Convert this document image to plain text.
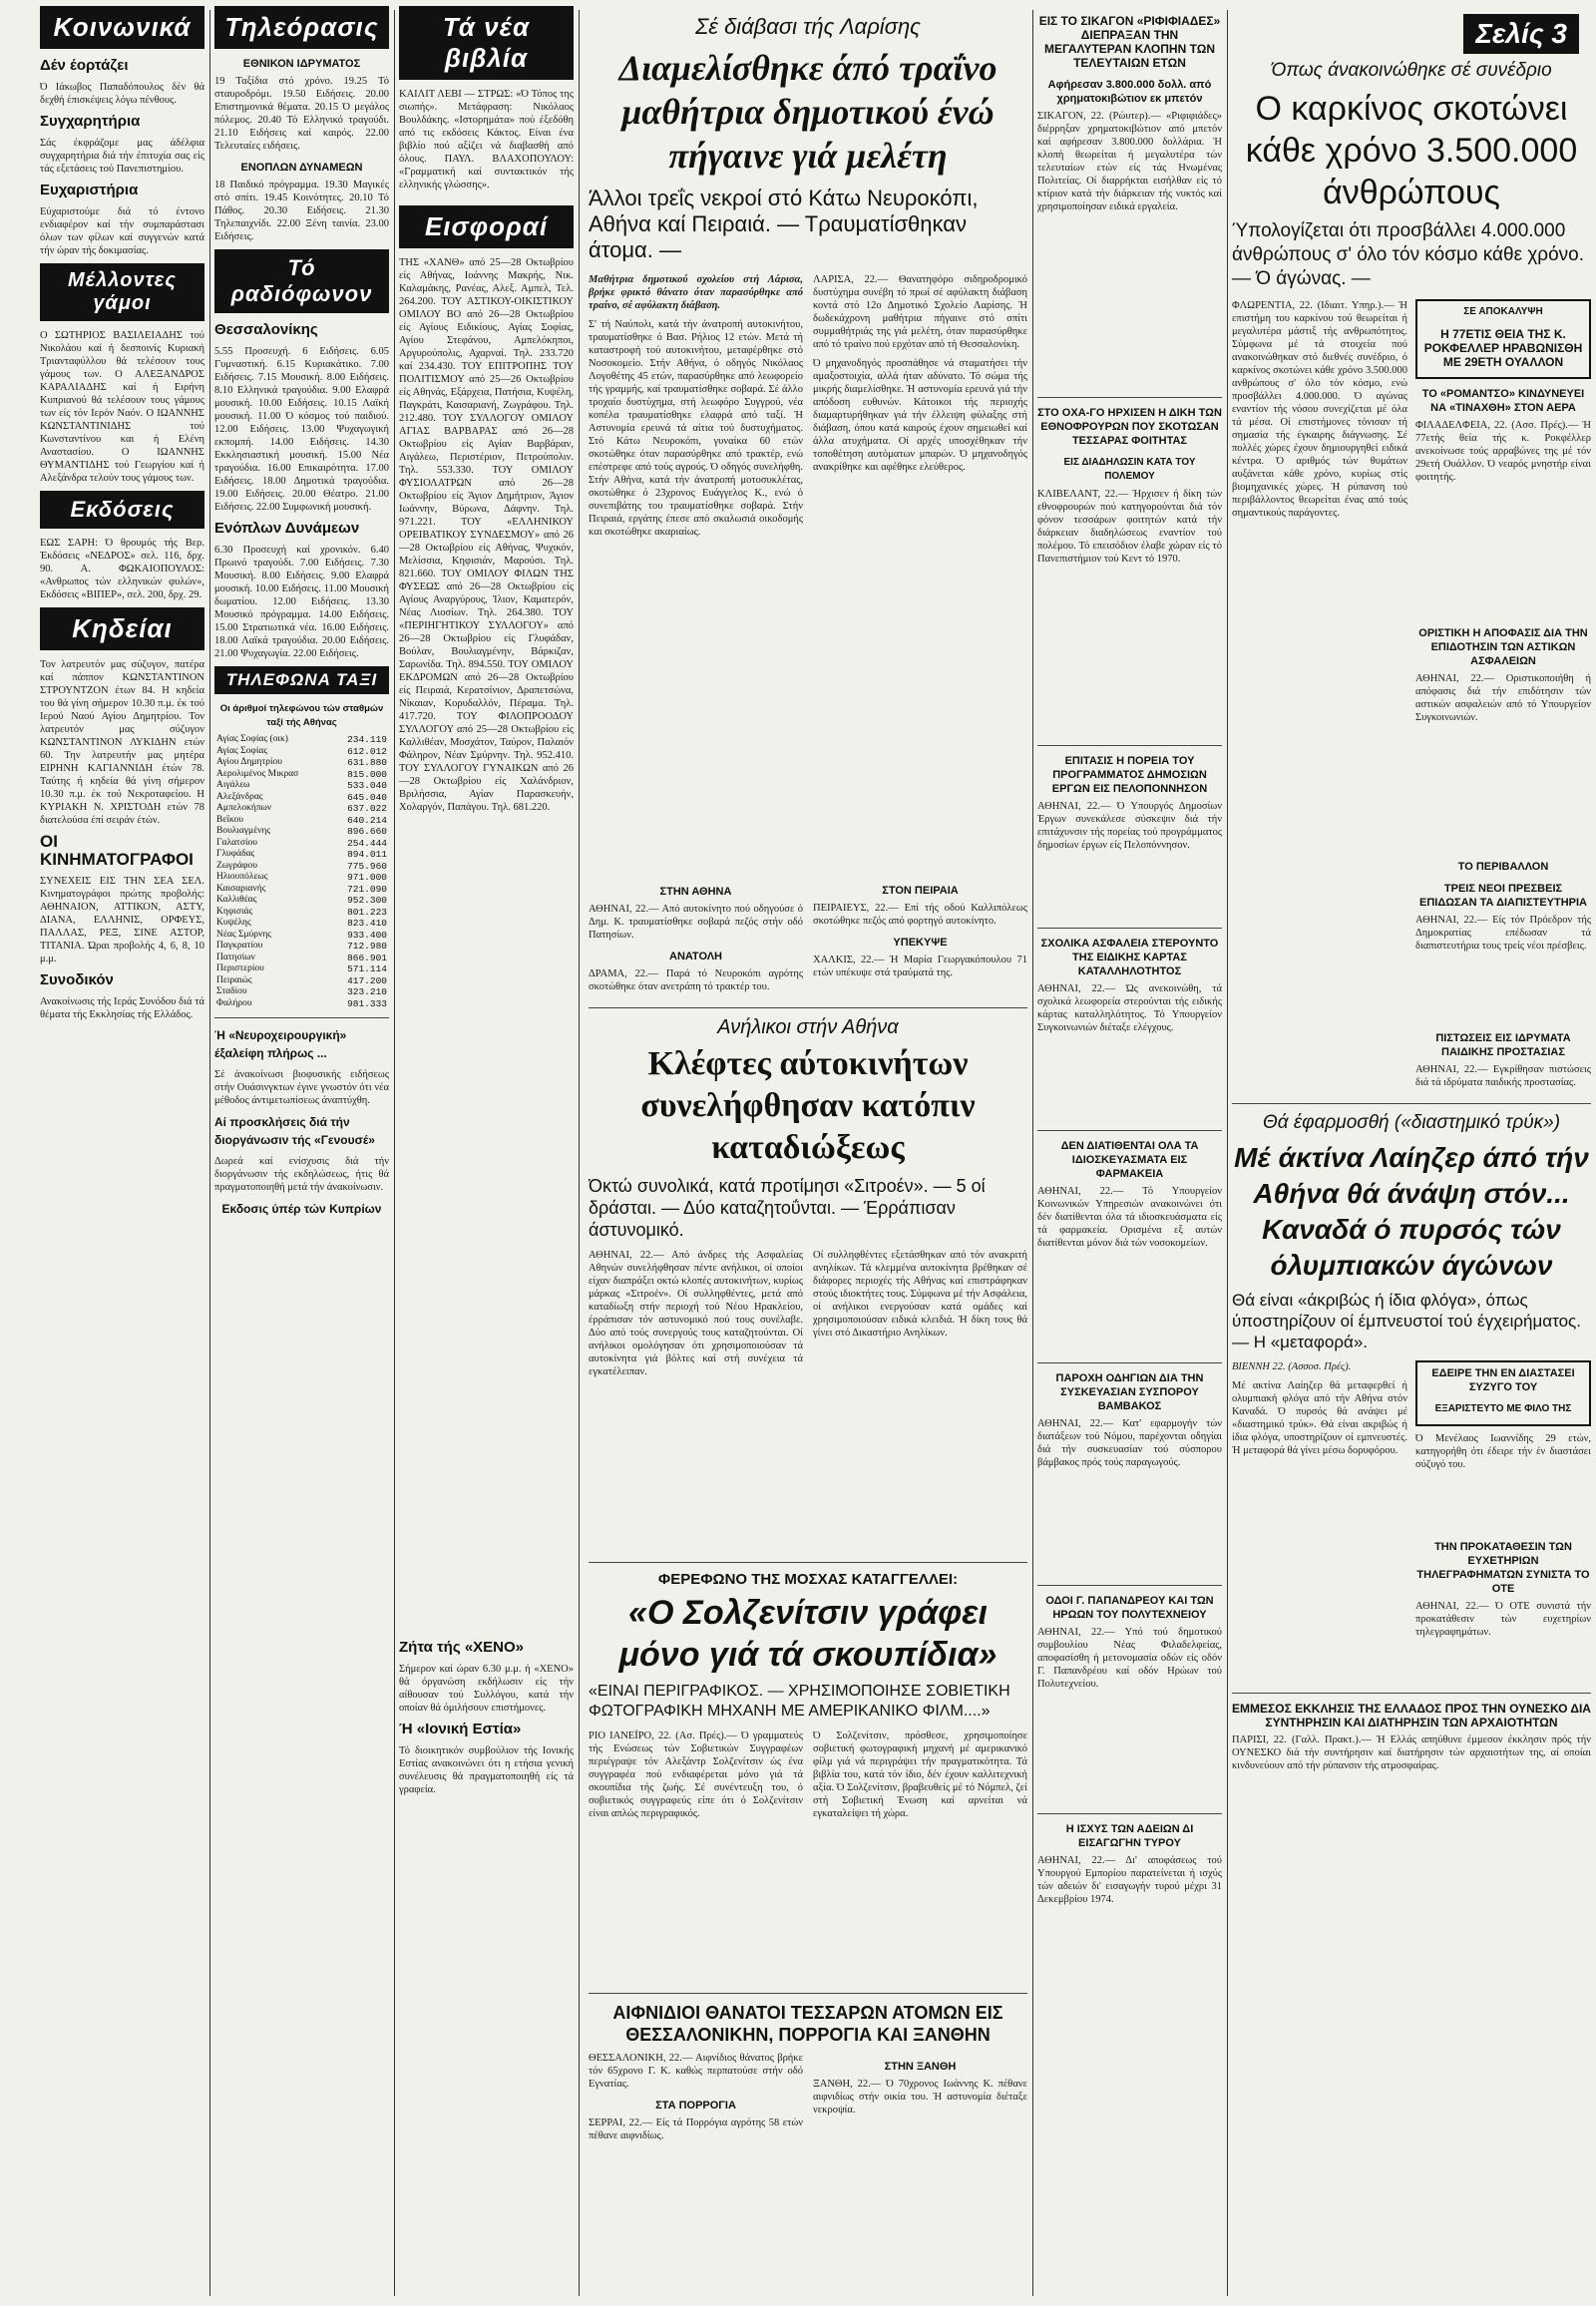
Κοινωνικά
Δέν έορτάζει

Ό Ιάκωβος Παπαδόπουλος δέν θά δεχθή έπισκέψεις λόγω πένθους.

Συγχαρητήρια

Σάς έκφράζομε μας άδέλφια συγχαρητήρια διά τήν έπιτυχία σας είς τάς εξετάσεις τού Πανεπιστημίου.

Ευχαριστήρια

Εύχαριστούμε διά τό έντονο ενδιαφέρον καί τήν συμπαράστασι όλων των φίλων καί συγγενών κατά τήν ώραν τής δοκιμασίας.

Μέλλοντες γάμοι

Ο ΣΩΤΗΡΙΟΣ ΒΑΣΙΛΕΙΑΔΗΣ τού Νικολάου καί ή δεσποινίς Κυριακή Τριανταφύλλου θά τελέσουν τους γάμους των. Ο ΑΛΕΞΑΝΔΡΟΣ ΚΑΡΑΛΙΑΔΗΣ καί ή Ειρήνη Κυπριανού θά τελέσουν τους γάμους των είς τόν Ιερόν Ναόν. Ο ΙΩΑΝΝΗΣ ΚΩΝΣΤΑΝΤΙΝΙΔΗΣ τού Κωνσταντίνου και ή Ελένη Αναστασίου. Ο ΙΩΑΝΝΗΣ ΘΥΜΑΝΤΙΔΗΣ τού Γεωργίου καί ή Αλεξάνδρα τελούν τους γάμους των.

Εκδόσεις

ΕΩΣ ΣΑΡΗ: Ό θρουμός τής Βερ. Έκδόσεις «ΝΕΔΡΟΣ» σελ. 116, δρχ. 90. Α. ΦΩΚΑΙΟΠΟΥΛΟΣ: «Ανθρωπος τών ελληνικών φυλών», Εκδόσεις «ΒΙΠΕΡ», σελ. 200, δρχ. 29.

Κηδείαι

Τον λατρευτόν μας σύζυγον, πατέρα καί πάππον ΚΩΝΣΤΑΝΤΙΝΟΝ ΣΤΡΟΥΝΤΖΟΝ έτων 84. Η κηδεία του θά γίνη σήμερον 10.30 π.μ. έκ τού Ιερού Ναού Αγίου Δημητρίου. Τον λατρευτόν μας σύζυγον ΚΩΝΣΤΑΝΤΙΝΟΝ ΛΥΚΙΔΗΝ ετών 60. Την λατρευτήν μας μητέρα ΕΙΡΗΝΗ ΚΑΓΙΑΝΝΙΔΗ έτών 78. Ταύτης ή κηδεία θά γίνη σήμερον 10.30 π.μ. έκ τού Νεκροταφείου. Η ΚΥΡΙΑΚΗ Ν. ΧΡΙΣΤΟΔΗ ετών 78 διατελούσα έπί σειράν έτών.

ΟΙ ΚΙΝΗΜΑΤΟΓΡΑΦΟΙ

ΣΥΝΕΧΕΙΣ ΕΙΣ ΤΗΝ ΣΕΑ ΣΕΛ. Κινηματογράφοι πρώτης προβολής: ΑΘΗΝΑΙΟΝ, ΑΤΤΙΚΟΝ, ΑΣΤΥ, ΔΙΑΝΑ, ΕΛΛΗΝΙΣ, ΟΡΦΕΥΣ, ΠΑΛΛΑΣ, ΡΕΞ, ΣΙΝΕ ΑΣΤΟΡ, ΤΙΤΑΝΙΑ. Ώραι προβολής 4, 6, 8, 10 μ.μ.

Συνοδικόν

Ανακοίνωσις τής Ιεράς Συνόδου διά τά θέματα τής Εκκλησίας τής Ελλάδος.

Τηλεόρασις
ΕΘΝΙΚΟΝ ΙΔΡΥΜΑΤΟΣ

19 Ταξίδια στό χρόνο. 19.25 Τό σταυροδρόμι. 19.50 Ειδήσεις. 20.00 Επιστημονικά θέματα. 20.15 Ό μεγάλος πόλεμος. 20.40 Τό Ελληνικό τραγούδι. 21.10 Ειδήσεις καί καιρός. 22.00 Τελευταίες ειδήσεις.

ΕΝΟΠΛΩΝ ΔΥΝΑΜΕΩΝ

18 Παιδικό πρόγραμμα. 19.30 Μαγικές στό σπίτι. 19.45 Κοινότητες. 20.10 Τό Πάθος. 20.30 Ειδήσεις. 21.30 Τηλεπαιχνίδι. 22.00 Ξένη ταινία. 23.00 Ειδήσεις.

Τό ραδιόφωνον
Θεσσαλονίκης

5.55 Προσευχή. 6 Ειδήσεις. 6.05 Γυμναστική. 6.15 Κυριακάτικο. 7.00 Ειδήσεις. 7.15 Μουσική. 8.00 Ειδήσεις. 8.10 Ελληνικά τραγούδια. 9.00 Ελαφρά μουσική. 10.00 Ειδήσεις. 10.15 Λαϊκή μουσική. 11.00 Ό κόσμος τού παιδιού. 12.00 Ειδήσεις. 13.00 Ψυχαγωγική εκπομπή. 14.00 Ειδήσεις. 14.30 Εκκλησιαστική μουσική. 15.00 Νέα τραγούδια. 16.00 Επικαιρότητα. 17.00 Ειδήσεις. 18.00 Δημοτικά τραγούδια. 19.00 Ειδήσεις. 20.00 Θέατρο. 21.00 Ειδήσεις. 22.00 Συμφωνική μουσική.

Ενόπλων Δυνάμεων

6.30 Προσευχή καί χρονικόν. 6.40 Πρωινό τραγούδι. 7.00 Ειδήσεις. 7.30 Μουσική. 8.00 Ειδήσεις. 9.00 Ελαφρά μουσική. 10.00 Ειδήσεις. 11.00 Μουσική δωματίου. 12.00 Ειδήσεις. 13.30 Μουσικό πρόγραμμα. 14.00 Ειδήσεις. 15.00 Στρατιωτικά νέα. 16.00 Ειδήσεις. 18.00 Λαϊκά τραγούδια. 20.00 Ειδήσεις. 21.00 Ψυχαγωγία. 22.00 Ειδήσεις.

ΤΗΛΕΦΩΝΑ ΤΑΞΙ
Οι άριθμοί τηλεφώνου τών σταθμών ταξί τής Αθήνας
Αγίας Σοφίας (οικ)	234.119
Αγίας Σοφίας	612.012
Αγίου Δημητρίου	631.880
Αερολιμένος Μικρασ	815.000
Αιγάλεω	533.040
Αλεξάνδρας	645.040
Αμπελοκήπων	637.022
Βεΐκου	640.214
Βουλιαγμένης	896.660
Γαλατσίου	254.444
Γλυφάδας	894.011
Ζωγράφου	775.960
Ηλιουπόλεως	971.000
Καισαριανής	721.090
Καλλιθέας	952.300
Κηφισιάς	801.223
Κυψέλης	823.410
Νέας Σμύρνης	933.400
Παγκρατίου	712.980
Πατησίων	866.901
Περιστερίου	571.114
Πειραιώς	417.200
Σταδίου	323.210
Φαλήρου	981.333
Ή «Νευροχειρουργική» έξαλείφη πλήρως ...

Σέ άνακοίνωσι βιοφυσικής ειδήσεως στήν Ουάσινγκτων έγινε γνωστόν ότι νέα μέθοδος άντιμετωπίσεως άναπτύχθη.

Αί προσκλήσεις διά τήν διοργάνωσιν τής «Γενουσέ»

Δωρεά καί ενίσχυσις διά τήν διοργάνωσιν τής εκδηλώσεως, ήτις θά πραγματοποιηθή μετά τήν άνακοίνωσιν.

Εκδοσις ύπέρ τών Κυπρίων
Τά νέα βιβλία

ΚΑΙΛΙΤ ΛΕΒΙ — ΣΤΡΩΣ: «Ό Τόπος της σιωπής». Μετάφραση: Νικόλαος Βουλδάκης. «Ιστορημάτα» πού έξεδόθη από τις εκδόσεις Κάκτος. Είναι ένα βιβλίο πού αξίζει νά διαβασθή από όλους. ΠΑΥΛ. ΒΛΑΧΟΠΟΥΛΟΥ: «Γραμματική καί συντακτικόν τής ελληνικής γλώσσης».

Εισφοραί

ΤΗΣ «ΧΑΝΘ» από 25—28 Οκτωβρίου είς Αθήνας, Ιοάννης Μακρής, Νικ. Καλαμάκης, Ρανέας, Αλεξ. Αμπελ, Τελ. 264.200. ΤΟΥ ΑΣΤΙΚΟΥ-ΟΙΚΙΣΤΙΚΟΥ ΟΜΙΛΟΥ ΒΟ από 26—28 Οκτωβρίου είς Αγίους Ειδικίους, Αγίας Σοφίας, Αγίου Στεφάνου, Αμπελόκηποι, Αργυρούπολις, Αχαρναί. Τηλ. 233.720 καί 234.430. ΤΟΥ ΕΠΙΤΡΟΠΗΣ ΤΟΥ ΠΟΛΙΤΙΣΜΟΥ από 25—26 Οκτωβρίου είς Αθηνάς, Εξάρχεια, Πατήσια, Κυψέλη, Παγκράτι, Καισαριανή, Ζωγράφου. Τηλ. 212.480. ΤΟΥ ΣΥΛΛΟΓΟΥ ΟΜΙΛΟΥ ΑΓΙΑΣ ΒΑΡΒΑΡΑΣ από 26—28 Οκτωβρίου είς Αγίαν Βαρβάραν, Αιγάλεω, Περιστέριον, Πετρούπολιν. Τηλ. 553.330. ΤΟΥ ΟΜΙΛΟΥ ΦΥΣΙΟΛΑΤΡΩΝ από 26—28 Οκτωβρίου είς Άγιον Δημήτριον, Άγιον Ιωάννην, Βύρωνα, Δάφνην. Τηλ. 971.221. ΤΟΥ «ΕΛΛΗΝΙΚΟΥ ΟΡΕΙΒΑΤΙΚΟΥ ΣΥΝΔΕΣΜΟΥ» από 26—28 Οκτωβρίου είς Αθήνας, Ψυχικόν, Μελίσσια, Κηφισιάν, Μαρούσι. Τηλ. 821.660. ΤΟΥ ΟΜΙΛΟΥ ΦΙΛΩΝ ΤΗΣ ΦΥΣΕΩΣ από 26—28 Οκτωβρίου είς Αγίους Αναργύρους, Ίλιον, Καματερόν, Νέας Λιοσίων. Τηλ. 264.380. ΤΟΥ «ΠΕΡΙΗΓΗΤΙΚΟΥ ΣΥΛΛΟΓΟΥ» από 26—28 Οκτωβρίου είς Γλυφάδαν, Βούλαν, Βουλιαγμένην, Βάρκιζαν, Σαρωνίδα. Τηλ. 894.550. ΤΟΥ ΟΜΙΛΟΥ ΕΚΔΡΟΜΩΝ από 26—28 Οκτωβρίου είς Πειραιά, Κερατσίνιον, Δραπετσώνα, Νίκαιαν, Κορυδαλλόν, Πέραμα. Τηλ. 417.720. ΤΟΥ ΦΙΛΟΠΡΟΟΔΟΥ ΣΥΛΛΟΓΟΥ από 25—28 Οκτωβρίου είς Καλλιθέαν, Μοσχάτον, Ταύρον, Παλαιόν Φάληρον, Νέαν Σμύρνην. Τηλ. 952.410. ΤΟΥ ΣΥΛΛΟΓΟΥ ΓΥΝΑΙΚΩΝ από 26—28 Οκτωβρίου είς Χαλάνδριον, Βριλήσσια, Αγίαν Παρασκευήν, Χολαργόν, Παπάγου. Τηλ. 681.220.

Ζήτα τής «ΧΕΝΟ»

Σήμερον καί ώραν 6.30 μ.μ. ή «ΧΕΝΟ» θά όργανώση εκδήλωσιν είς τήν αίθουσαν τού Συλλόγου, κατά τήν οποίαν θά όμιλήσουν επιστήμονες.

Ή «Ιονική Εστία»

Τό διοικητικόν συμβούλιον τής Ιονικής Εστίας ανακοινώνει ότι η ετήσια γενική συνέλευσις θά πραγματοποιηθή είς τά γραφεία.

Σέ διάβασι τής Λαρίσης
Διαμελίσθηκε άπό τραΐνο μαθήτρια δημοτικού ένώ πήγαινε γιά μελέτη
Άλλοι τρεΐς νεκροί στό Κάτω Νευροκόπι, Αθήνα καί Πειραιά. — Τραυματίσθηκαν άτομα. —

Μαθήτρια δημοτικού σχολείου στή Λάρισα, βρήκε φρικτό θάνατο όταν παρασύρθηκε από τραίνο, σέ αφύλακτη διάβαση.

Σ' τή Ναύπολι, κατά τήν άνατροπή αυτοκινήτου, τραυματίσθηκε ό Βασ. Ρήλιος 12 ετών. Μετά τή καταστροφή τού αυτοκινήτου, μεταφέρθηκε στό Νοσοκομείο. Στήν Αθήνα, ό οδηγός Νικόλαος Λογοθέτης 45 ετών, παρασύρθηκε από λεωφορείο τής γραμμής, καί τραυματίσθηκε σοβαρά. Σέ άλλο τροχαίο δυστύχημα, στή λεωφόρο Συγγρού, νέα κοπέλα τραυματίσθηκε ελαφρά από ταξί. Ή Αστυνομία ερευνά τά αίτια τού δυστυχήματος. Στό Κάτω Νευροκόπι, γυναίκα 60 ετών σκοτώθηκε όταν παρασύρθηκε από τρακτέρ, ενώ επέστρεφε από τούς αγρούς. Ό οδηγός συνελήφθη. Στήν Αθήνα, κατά τήν άνατροπή μοτοσυκλέτας, σκοτώθηκε ό 23χρονος Ευάγγελος Κ., ενώ ό συνεπιβάτης του τραυματίσθηκε σοβαρά. Στήν Πειραιά, εργάτης έπεσε από σκαλωσιά οικοδομής και σκοτώθηκε ακαριαίως.

ΣΤΗΝ ΑΘΗΝΑ

ΑΘΗΝΑΙ, 22.— Από αυτοκίνητο πού οδηγούσε ό Δημ. Κ. τραυματίσθηκε σοβαρά πεζός στήν οδό Πατησίων.

ΑΝΑΤΟΛΗ

ΔΡΑΜΑ, 22.— Παρά τό Νευροκόπι αγρότης σκοτώθηκε όταν ανετράπη τό τρακτέρ του.

ΛΑΡΙΣΑ, 22.— Θανατηφόρο σιδηροδρομικό δυστύχημα συνέβη τό πρωί σέ αφύλακτη διάβαση κοντά στό 12ο Δημοτικό Σχολείο Λαρίσης. Ή δωδεκάχρονη μαθήτρια πήγαινε στό σπίτι συμμαθήτριάς της γιά μελέτη, όταν παρασύρθηκε από τό τραίνο πού ερχόταν από τή Θεσσαλονίκη.

Ό μηχανοδηγός προσπάθησε νά σταματήσει τήν αμαξοστοιχία, αλλά ήταν αδύνατο. Τό σώμα τής μικρής διαμελίσθηκε. Ή αστυνομία ερευνά γιά τήν απόδοση ευθυνών. Κάτοικοι τής περιοχής διαμαρτυρήθηκαν γιά τήν έλλειψη φύλαξης στή διάβαση, όπου κατά καιρούς έχουν σημειωθεί καί άλλα ατυχήματα. Οί αρχές υποσχέθηκαν τήν τοποθέτηση αυτόματων μπαρών. Ό μηχανοδηγός ανακρίθηκε και αφέθηκε ελεύθερος.

ΣΤΟΝ ΠΕΙΡΑΙΑ

ΠΕΙΡΑΙΕΥΣ, 22.— Επί τής οδού Καλλιπόλεως σκοτώθηκε πεζός από φορτηγό αυτοκίνητο.

ΥΠΕΚΥΨΕ

ΧΑΛΚΙΣ, 22.— Ή Μαρία Γεωργακόπουλου 71 ετών υπέκυψε στά τραύματά της.

Ανήλικοι στήν Αθήνα
Κλέφτες αύτοκινήτων συνελήφθησαν κατόπιν καταδιώξεως
Όκτώ συνολικά, κατά προτίμησι «Σιτροέν». — 5 οί δράσται. — Δύο καταζητοΰνται. — Έρράπισαν άστυνομικό.

ΑΘΗΝΑΙ, 22.— Από άνδρες τής Ασφαλείας Αθηνών συνελήφθησαν πέντε ανήλικοι, οί οποίοι είχαν διαπράξει οκτώ κλοπές αυτοκινήτων, κυρίως μάρκας «Σιτροέν». Οί συλληφθέντες, μετά από καταδίωξη στήν περιοχή τού Νέου Ηρακλείου, έρράπισαν τόν αστυνομικό πού τους συνέλαβε. Δύο από τούς συνεργούς τους καταζητούνται. Οί ανήλικοι ομολόγησαν ότι χρησιμοποιούσαν τά αυτοκίνητα γιά βόλτες καί στή συνέχεια τά εγκατέλειπαν.

Οί συλληφθέντες εξετάσθηκαν από τόν ανακριτή ανηλίκων. Τά κλεμμένα αυτοκίνητα βρέθηκαν σέ διάφορες περιοχές τής Αθήνας καί επιστράφηκαν στούς ιδιοκτήτες τους. Σύμφωνα μέ τήν Ασφάλεια, οί ανήλικοι ενεργούσαν κατά ομάδες καί χρησιμοποιούσαν ειδικά κλειδιά. Ή δίκη τους θά γίνει στό Δικαστήριο Ανηλίκων.

ΦΕΡΕΦΩΝΟ ΤΗΣ ΜΟΣΧΑΣ ΚΑΤΑΓΓΕΛΛΕΙ:
«Ο Σολζενίτσιν γράφει μόνο γιά τά σκουπίδια»
«ΕΙΝΑΙ ΠΕΡΙΓΡΑΦΙΚΟΣ. — ΧΡΗΣΙΜΟΠΟΙΗΣΕ ΣΟΒΙΕΤΙΚΗ ΦΩΤΟΓΡΑΦΙΚΗ ΜΗΧΑΝΗ ΜΕ ΑΜΕΡΙΚΑΝΙΚΟ ΦΙΛΜ....»

ΡΙΟ ΙΑΝΕΪΡΟ, 22. (Ασ. Πρές).— Ό γραμματεύς τής Ενώσεως τών Σοβιετικών Συγγραφέων περιέγραψε τόν Αλεξάντρ Σολζενίτσιν ώς ένα συγγραφέα πού ενδιαφέρεται μόνο γιά τά σκουπίδια τής ζωής. Σέ συνέντευξη του, ό σοβιετικός συγγραφεύς είπε ότι ό Σολζενίτσιν είναι απλώς περιγραφικός.

Ό Σολζενίτσιν, πρόσθεσε, χρησιμοποίησε σοβιετική φωτογραφική μηχανή μέ αμερικανικό φίλμ γιά νά περιγράψει τήν πραγματικότητα. Τά βιβλία του, κατά τόν ίδιο, δέν έχουν καλλιτεχνική αξία. Ό Σολζενίτσιν, βραβευθείς μέ τό Νόμπελ, ζεί στή Σοβιετική Ένωση καί αρνείται νά εγκαταλείψει τή χώρα.

ΑΙΦΝΙΔΙΟΙ ΘΑΝΑΤΟΙ ΤΕΣΣΑΡΩΝ ΑΤΟΜΩΝ ΕΙΣ ΘΕΣΣΑΛΟΝΙΚΗΝ, ΠΟΡΡΟΓΙΑ ΚΑΙ ΞΑΝΘΗΝ

ΘΕΣΣΑΛΟΝΙΚΗ, 22.— Αιφνίδιος θάνατος βρήκε τόν 65χρονο Γ. Κ. καθώς περπατούσε στήν οδό Εγνατίας.

ΣΤΑ ΠΟΡΡΟΓΙΑ

ΣΕΡΡΑΙ, 22.— Είς τά Πορρόγια αγρότης 58 ετών πέθανε αιφνιδίως.

ΣΤΗΝ ΞΑΝΘΗ

ΞΑΝΘΗ, 22.— Ό 70χρονος Ιωάννης Κ. πέθανε αιφνιδίως στήν οικία του. Ή αστυνομία διέταξε νεκροψία.

ΕΙΣ ΤΟ ΣΙΚΑΓΟΝ «ΡΙΦΙΦΙΑΔΕΣ» ΔΙΕΠΡΑΞΑΝ ΤΗΝ ΜΕΓΑΛΥΤΕΡΑΝ ΚΛΟΠΗΝ ΤΩΝ ΤΕΛΕΥΤΑΙΩΝ ΕΤΩΝ
Αφήρεσαν 3.800.000 δολλ. από χρηματοκιβώτιον εκ μπετόν

ΣΙΚΑΓΟΝ, 22. (Ρώυτερ).— «Ριφιφιάδες» διέρρηξαν χρηματοκιβώτιον από μπετόν καί αφήρεσαν 3.800.000 δολλάρια. Ή κλοπή θεωρείται ή μεγαλυτέρα τών τελευταίων ετών είς τάς Ηνωμένας Πολιτείας. Οί διαρρήκται εισήλθαν είς τό κτίριον κατά τήν διάρκειαν τής νυκτός καί χρησιμοποίησαν ειδικά εργαλεία.

ΣΤΟ ΟΧΑ-ΓΟ ΗΡΧΙΣΕΝ Η ΔΙΚΗ ΤΩΝ ΕΘΝΟΦΡΟΥΡΩΝ ΠΟΥ ΣΚΟΤΩΣΑΝ ΤΕΣΣΑΡΑΣ ΦΟΙΤΗΤΑΣ
ΕΙΣ ΔΙΑΔΗΛΩΣΙΝ ΚΑΤΑ ΤΟΥ ΠΟΛΕΜΟΥ

ΚΛΙΒΕΛΑΝΤ, 22.— Ήρχισεν ή δίκη τών εθνοφρουρών πού κατηγορούνται διά τόν φόνον τεσσάρων φοιτητών κατά τήν διάρκειαν διαδηλώσεως εναντίον τού πολέμου. Τό επεισόδιον έλαβε χώραν είς τό Πανεπιστήμιον τού Κεντ τό 1970.

ΕΠΙΤΑΣΙΣ Η ΠΟΡΕΙΑ ΤΟΥ ΠΡΟΓΡΑΜΜΑΤΟΣ ΔΗΜΟΣΙΩΝ ΕΡΓΩΝ ΕΙΣ ΠΕΛΟΠΟΝΝΗΣΟΝ

ΑΘΗΝΑΙ, 22.— Ό Υπουργός Δημοσίων Έργων συνεκάλεσε σύσκεψιν διά τήν επιτάχυνσιν τής πορείας τού προγράμματος δημοσίων έργων είς Πελοπόννησον.

ΣΧΟΛΙΚΑ ΑΣΦΑΛΕΙΑ ΣΤΕΡΟΥΝΤΟ ΤΗΣ ΕΙΔΙΚΗΣ ΚΑΡΤΑΣ ΚΑΤΑΛΛΗΛΟΤΗΤΟΣ

ΑΘΗΝΑΙ, 22.— Ώς ανεκοινώθη, τά σχολικά λεωφορεία στερούνται τής ειδικής κάρτας καταλληλότητος. Τό Υπουργείον Συγκοινωνιών διέταξε ελέγχους.

ΔΕΝ ΔΙΑΤΙΘΕΝΤΑΙ ΟΛΑ ΤΑ ΙΔΙΟΣΚΕΥΑΣΜΑΤΑ ΕΙΣ ΦΑΡΜΑΚΕΙΑ

ΑΘΗΝΑΙ, 22.— Τό Υπουργείον Κοινωνικών Υπηρεσιών ανακοινώνει ότι δέν διατίθενται όλα τά ιδιοσκευάσματα είς τά φαρμακεία. Ορισμένα εξ αυτών διατίθενται μόνον διά τών νοσοκομείων.

ΠΑΡΟΧΗ ΟΔΗΓΙΩΝ ΔΙΑ ΤΗΝ ΣΥΣΚΕΥΑΣΙΑΝ ΣΥΣΠΟΡΟΥ ΒΑΜΒΑΚΟΣ

ΑΘΗΝΑΙ, 22.— Κατ' εφαρμογήν τών διατάξεων τού Νόμου, παρέχονται οδηγίαι διά τήν συσκευασίαν τού σύσπορου βάμβακος πρός τούς παραγωγούς.

ΟΔΟΙ Γ. ΠΑΠΑΝΔΡΕΟΥ ΚΑΙ ΤΩΝ ΗΡΩΩΝ ΤΟΥ ΠΟΛΥΤΕΧΝΕΙΟΥ

ΑΘΗΝΑΙ, 22.— Υπό τού δημοτικού συμβουλίου Νέας Φιλαδελφείας, αποφασίσθη ή μετονομασία οδών είς οδόν Γ. Παπανδρέου καί οδόν Ηρώων τού Πολυτεχνείου.

Η ΙΣΧΥΣ ΤΩΝ ΑΔΕΙΩΝ ΔΙ ΕΙΣΑΓΩΓΗΝ ΤΥΡΟΥ

ΑΘΗΝΑΙ, 22.— Δι' αποφάσεως τού Υπουργού Εμπορίου παρατείνεται ή ισχύς τών αδειών δι' εισαγωγήν τυρού μέχρι 31 Δεκεμβρίου 1974.

Σελίς 3
Όπως άνακοινώθηκε σέ συνέδριο
Ο καρκίνος σκοτώνει κάθε χρόνο 3.500.000 άνθρώπους
Ύπολογίζεται ότι προσβάλλει 4.000.000 άνθρώπους σ' όλο τόν κόσμο κάθε χρόνο. — Ό άγώνας. —

ΦΛΩΡΕΝΤΙΑ, 22. (Ιδιαιτ. Υπηρ.).— Ή επιστήμη του καρκίνου τού θεωρείται ή μεγαλυτέρα μάστιξ τής ανθρωπότητος. Σύμφωνα μέ τά στοιχεία πού ανακοινώθηκαν στό διεθνές συνέδριο, ό καρκίνος σκοτώνει κάθε χρόνο 3.500.000 ανθρώπους σ' όλο τόν κόσμο, ενώ προσβάλλει 4.000.000. Ό αγώνας εναντίον τής νόσου συνεχίζεται μέ όλα τά μέσα. Οί επιστήμονες τόνισαν τή σημασία τής έγκαιρης διάγνωσης. Σέ πολλές χώρες έχουν δημιουργηθεί ειδικά κέντρα. Ό αριθμός τών θυμάτων αυξάνεται κάθε χρόνο, κυρίως στίς βιομηχανικές χώρες. Ή ρύπανση τού περιβάλλοντος θεωρείται ένας από τούς σημαντικούς παράγοντες.

ΣΕ ΑΠΟΚΑΛΥΨΗ
Η 77ΕΤΙΣ ΘΕΙΑ ΤΗΣ Κ. ΡΟΚΦΕΛΛΕΡ ΗΡΑΒΩΝΙΣΘΗ ΜΕ 29ΕΤΗ ΟΥΑΛΛΟΝ
ΤΟ «ΡΟΜΑΝΤΣΟ» ΚΙΝΔΥΝΕΥΕΙ ΝΑ «ΤΙΝΑΧΘΗ» ΣΤΟΝ ΑΕΡΑ

ΦΙΛΑΔΕΛΦΕΙΑ, 22. (Ασσ. Πρές).— Ή 77ετής θεία τής κ. Ροκφέλλερ ανεκοίνωσε τούς αρραβώνες της μέ τόν 29ετή Ουάλλον. Ό νεαρός μνηστήρ είναι φοιτητής.

ΟΡΙΣΤΙΚΗ Η ΑΠΟΦΑΣΙΣ ΔΙΑ ΤΗΝ ΕΠΙΔΟΤΗΣΙΝ ΤΩΝ ΑΣΤΙΚΩΝ ΑΣΦΑΛΕΙΩΝ

ΑΘΗΝΑΙ, 22.— Οριστικοποιήθη ή απόφασις διά τήν επιδότησιν τών αστικών ασφαλειών από τό Υπουργείον Συγκοινωνιών.

ΤΟ ΠΕΡΙΒΑΛΛΟΝ
ΤΡΕΙΣ ΝΕΟΙ ΠΡΕΣΒΕΙΣ ΕΠΙΔΩΣΑΝ ΤΑ ΔΙΑΠΙΣΤΕΥΤΗΡΙΑ

ΑΘΗΝΑΙ, 22.— Είς τόν Πρόεδρον τής Δημοκρατίας επέδωσαν τά διαπιστευτήρια τους τρείς νέοι πρέσβεις.

ΠΙΣΤΩΣΕΙΣ ΕΙΣ ΙΔΡΥΜΑΤΑ ΠΑΙΔΙΚΗΣ ΠΡΟΣΤΑΣΙΑΣ

ΑΘΗΝΑΙ, 22.— Εγκρίθησαν πιστώσεις διά τά ιδρύματα παιδικής προστασίας.

Θά έφαρμοσθή («διαστημικό τρύκ»)
Μέ άκτίνα Λαίηζερ άπό τήν Αθήνα θά άνάψη στόν... Καναδά ό πυρσός τών όλυμπιακών άγώνων
Θά είναι «άκριβώς ή ίδια φλόγα», όπως ύποστηρίζουν οί έμπνευστοί τού έγχειρήματος. — Η «μεταφορά».

ΒΙΕΝΝΗ 22. (Ασσοσ. Πρές).

Μέ ακτίνα Λαίηζερ θά μεταφερθεί ή ολυμπιακή φλόγα από τήν Αθήνα στόν Καναδά. Ό πυρσός θά ανάψει μέ «διαστημικό τρύκ». Θά είναι ακριβώς ή ίδια φλόγα, υποστηρίζουν οί εμπνευστές. Ή μεταφορά θά γίνει μέσω δορυφόρου.

ΕΔΕΙΡΕ ΤΗΝ ΕΝ ΔΙΑΣΤΑΣΕΙ ΣΥΖΥΓΟ ΤΟΥ
ΕΞΑΡΙΣΤΕΥΤΟ ΜΕ ΦΙΛΟ ΤΗΣ

Ό Μενέλαος Ιωαννίδης 29 ετών, κατηγορήθη ότι έδειρε τήν έν διαστάσει σύζυγό του.

ΤΗΝ ΠΡΟΚΑΤΑΘΕΣΙΝ ΤΩΝ ΕΥΧΕΤΗΡΙΩΝ ΤΗΛΕΓΡΑΦΗΜΑΤΩΝ ΣΥΝΙΣΤΑ ΤΟ ΟΤΕ

ΑΘΗΝΑΙ, 22.— Ό ΟΤΕ συνιστά τήν προκατάθεσιν τών ευχετηρίων τηλεγραφημάτων.

ΕΜΜΕΣΟΣ ΕΚΚΛΗΣΙΣ ΤΗΣ ΕΛΛΑΔΟΣ ΠΡΟΣ ΤΗΝ ΟΥΝΕΣΚΟ ΔΙΑ ΣΥΝΤΗΡΗΣΙΝ ΚΑΙ ΔΙΑΤΗΡΗΣΙΝ ΤΩΝ ΑΡΧΑΙΟΤΗΤΩΝ

ΠΑΡΙΣΙ, 22. (Γαλλ. Πρακτ.).— Ή Ελλάς απηύθυνε έμμεσον έκκλησιν πρός τήν ΟΥΝΕΣΚΟ διά τήν συντήρησιν καί διατήρησιν τών αρχαιοτήτων της, αί οποίαι κινδυνεύουν από τήν ρύπανσιν τής ατμοσφαίρας.
